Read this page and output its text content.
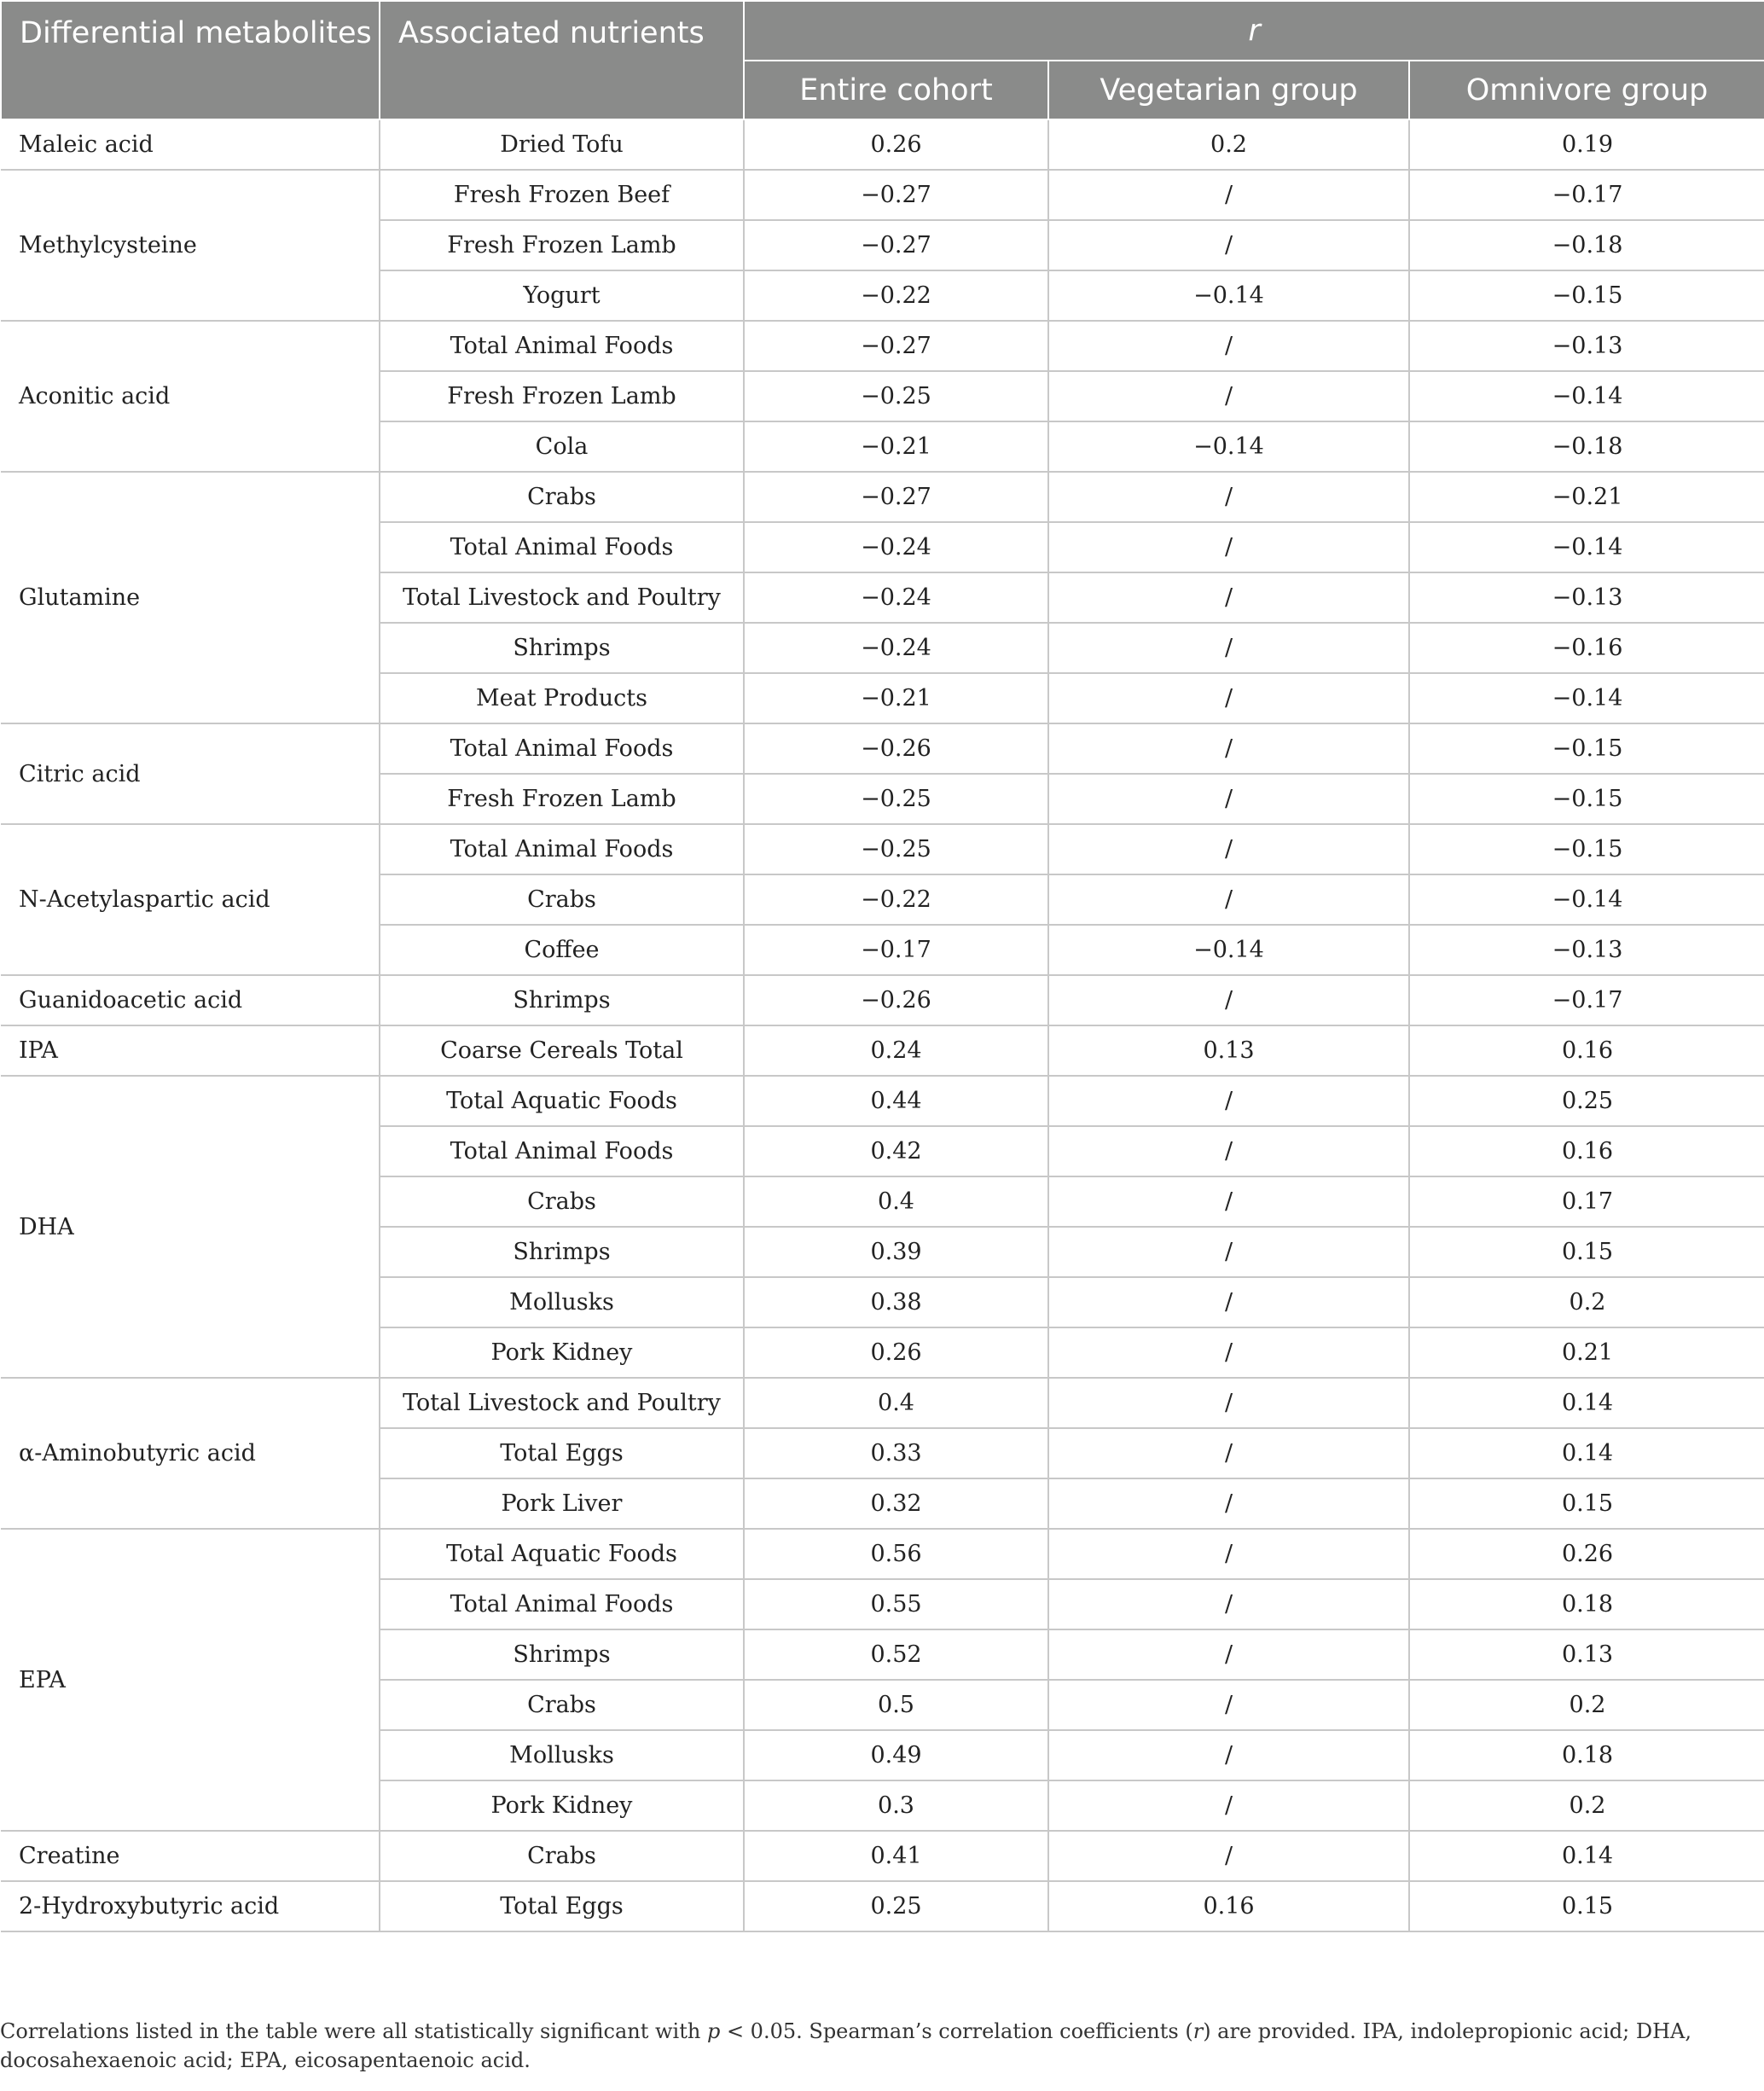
Differential metabolites	Associated nutrients	r		
		Entire cohort	Vegetarian group	Omnivore group
Maleic acid	Dried Tofu	0.26	0.2	0.19
Methylcysteine	Fresh Frozen Beef	−0.27	/	−0.17
	Fresh Frozen Lamb	−0.27	/	−0.18
	Yogurt	−0.22	−0.14	−0.15
Aconitic acid	Total Animal Foods	−0.27	/	−0.13
	Fresh Frozen Lamb	−0.25	/	−0.14
	Cola	−0.21	−0.14	−0.18
Glutamine	Crabs	−0.27	/	−0.21
	Total Animal Foods	−0.24	/	−0.14
	Total Livestock and Poultry	−0.24	/	−0.13
	Shrimps	−0.24	/	−0.16
	Meat Products	−0.21	/	−0.14
Citric acid	Total Animal Foods	−0.26	/	−0.15
	Fresh Frozen Lamb	−0.25	/	−0.15
N-Acetylaspartic acid	Total Animal Foods	−0.25	/	−0.15
	Crabs	−0.22	/	−0.14
	Coffee	−0.17	−0.14	−0.13
Guanidoacetic acid	Shrimps	−0.26	/	−0.17
IPA	Coarse Cereals Total	0.24	0.13	0.16
DHA	Total Aquatic Foods	0.44	/	0.25
	Total Animal Foods	0.42	/	0.16
	Crabs	0.4	/	0.17
	Shrimps	0.39	/	0.15
	Mollusks	0.38	/	0.2
	Pork Kidney	0.26	/	0.21
α-Aminobutyric acid	Total Livestock and Poultry	0.4	/	0.14
	Total Eggs	0.33	/	0.14
	Pork Liver	0.32	/	0.15
EPA	Total Aquatic Foods	0.56	/	0.26
	Total Animal Foods	0.55	/	0.18
	Shrimps	0.52	/	0.13
	Crabs	0.5	/	0.2
	Mollusks	0.49	/	0.18
	Pork Kidney	0.3	/	0.2
Creatine	Crabs	0.41	/	0.14
2-Hydroxybutyric acid	Total Eggs	0.25	0.16	0.15
Correlations listed in the table were all statistically significant with p < 0.05. Spearman’s correlation coefficients (r) are provided. IPA, indolepropionic acid; DHA, docosahexaenoic acid; EPA, eicosapentaenoic acid.
